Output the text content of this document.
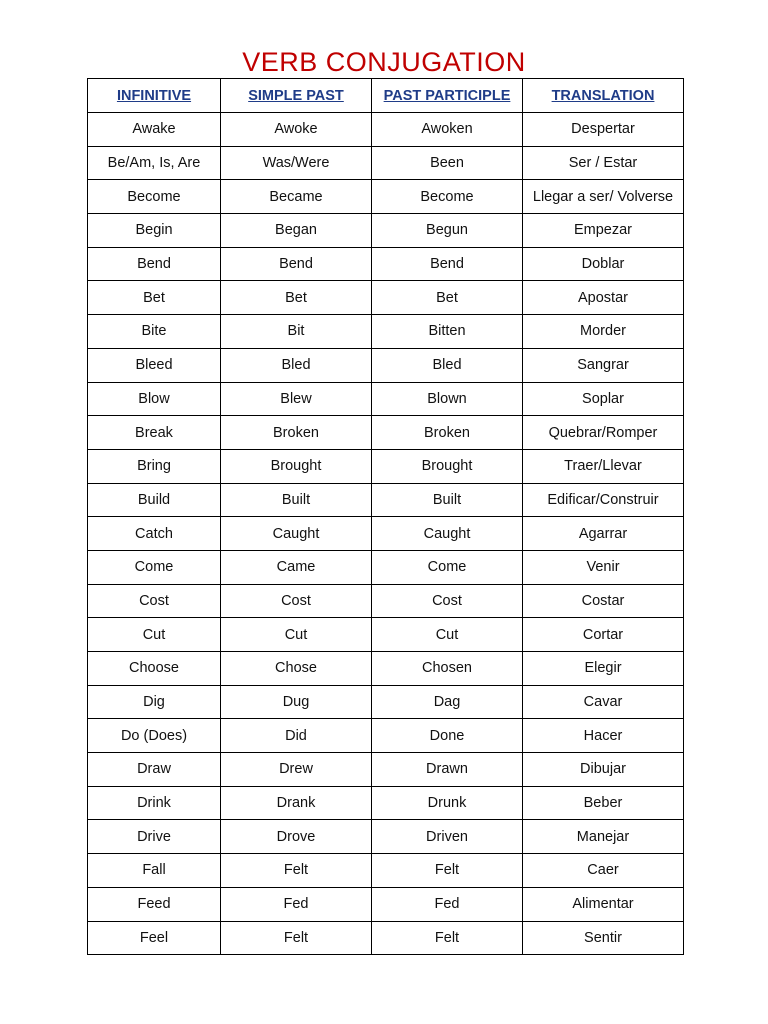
VERB CONJUGATION
INFINITIVE	SIMPLE PAST	PAST PARTICIPLE	TRANSLATION
Awake	Awoke	Awoken	Despertar
Be/Am, Is, Are	Was/Were	Been	Ser / Estar
Become	Became	Become	Llegar a ser/ Volverse
Begin	Began	Begun	Empezar
Bend	Bend	Bend	Doblar
Bet	Bet	Bet	Apostar
Bite	Bit	Bitten	Morder
Bleed	Bled	Bled	Sangrar
Blow	Blew	Blown	Soplar
Break	Broken	Broken	Quebrar/Romper
Bring	Brought	Brought	Traer/Llevar
Build	Built	Built	Edificar/Construir
Catch	Caught	Caught	Agarrar
Come	Came	Come	Venir
Cost	Cost	Cost	Costar
Cut	Cut	Cut	Cortar
Choose	Chose	Chosen	Elegir
Dig	Dug	Dag	Cavar
Do (Does)	Did	Done	Hacer
Draw	Drew	Drawn	Dibujar
Drink	Drank	Drunk	Beber
Drive	Drove	Driven	Manejar
Fall	Felt	Felt	Caer
Feed	Fed	Fed	Alimentar
Feel	Felt	Felt	Sentir
